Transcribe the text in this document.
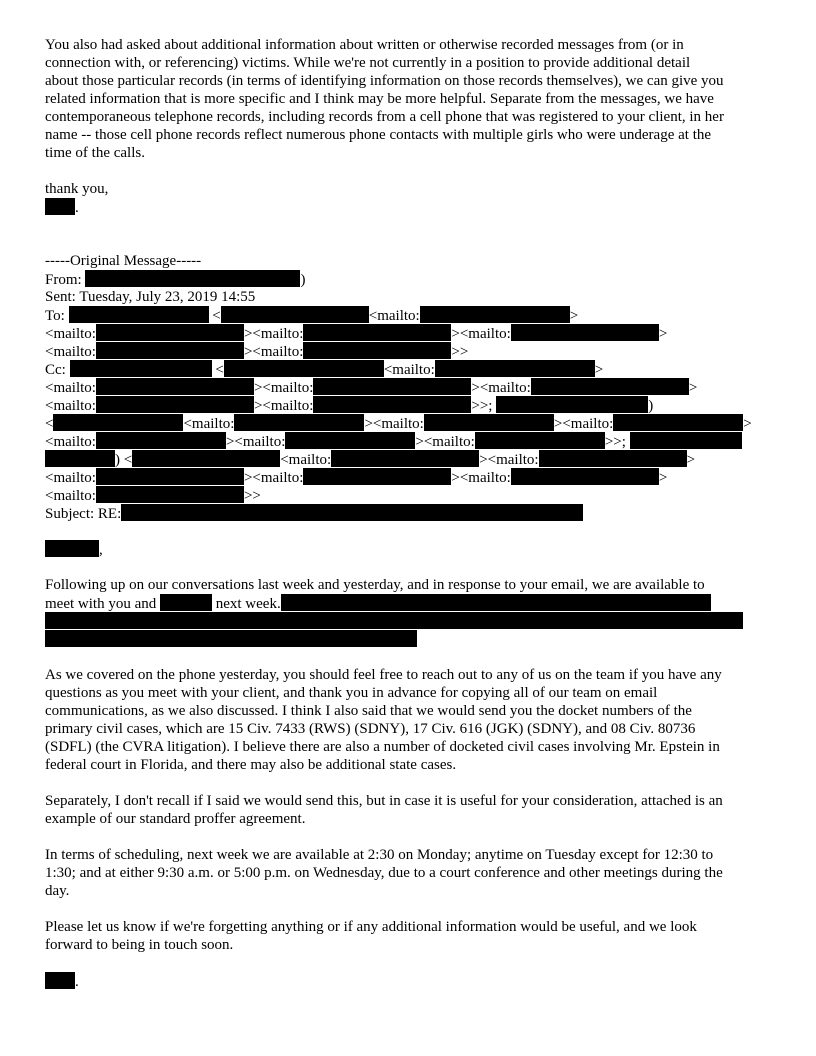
You also had asked about additional information about written or otherwise recorded messages from (or in
connection with, or referencing) victims. While we're not currently in a position to provide additional detail
about those particular records (in terms of identifying information on those records themselves), we can give you
related information that is more specific and I think may be more helpful. Separate from the messages, we have
contemporaneous telephone records, including records from a cell phone that was registered to your client, in her
name -- those cell phone records reflect numerous phone contacts with multiple girls who were underage at the
time of the calls.
thank you,
.
-----Original Message-----
From:	)
Sent: Tuesday, July 23, 2019 14:55
To:	<	<mailto:	>
<mailto:	><mailto:	><mailto:	>
<mailto:	><mailto:	>>
Cc:	<	<mailto:	>
<mailto:	><mailto:	><mailto:	>
<mailto:	><mailto:	>>;	)
<	<mailto:	><mailto:	><mailto:	>
<mailto:	><mailto:	><mailto:	>>;
) <	<mailto:	><mailto:	>
<mailto:	><mailto:	><mailto:	>
<mailto:	>>
Subject: RE:
,
Following up on our conversations last week and yesterday, and in response to your email, we are available to
meet with you and	next week.
As we covered on the phone yesterday, you should feel free to reach out to any of us on the team if you have any
questions as you meet with your client, and thank you in advance for copying all of our team on email
communications, as we also discussed. I think I also said that we would send you the docket numbers of the
primary civil cases, which are 15 Civ. 7433 (RWS) (SDNY), 17 Civ. 616 (JGK) (SDNY), and 08 Civ. 80736
(SDFL) (the CVRA litigation). I believe there are also a number of docketed civil cases involving Mr. Epstein in
federal court in Florida, and there may also be additional state cases.
Separately, I don't recall if I said we would send this, but in case it is useful for your consideration, attached is an
example of our standard proffer agreement.
In terms of scheduling, next week we are available at 2:30 on Monday; anytime on Tuesday except for 12:30 to
1:30; and at either 9:30 a.m. or 5:00 p.m. on Wednesday, due to a court conference and other meetings during the
day.
Please let us know if we're forgetting anything or if any additional information would be useful, and we look
forward to being in touch soon.
.
